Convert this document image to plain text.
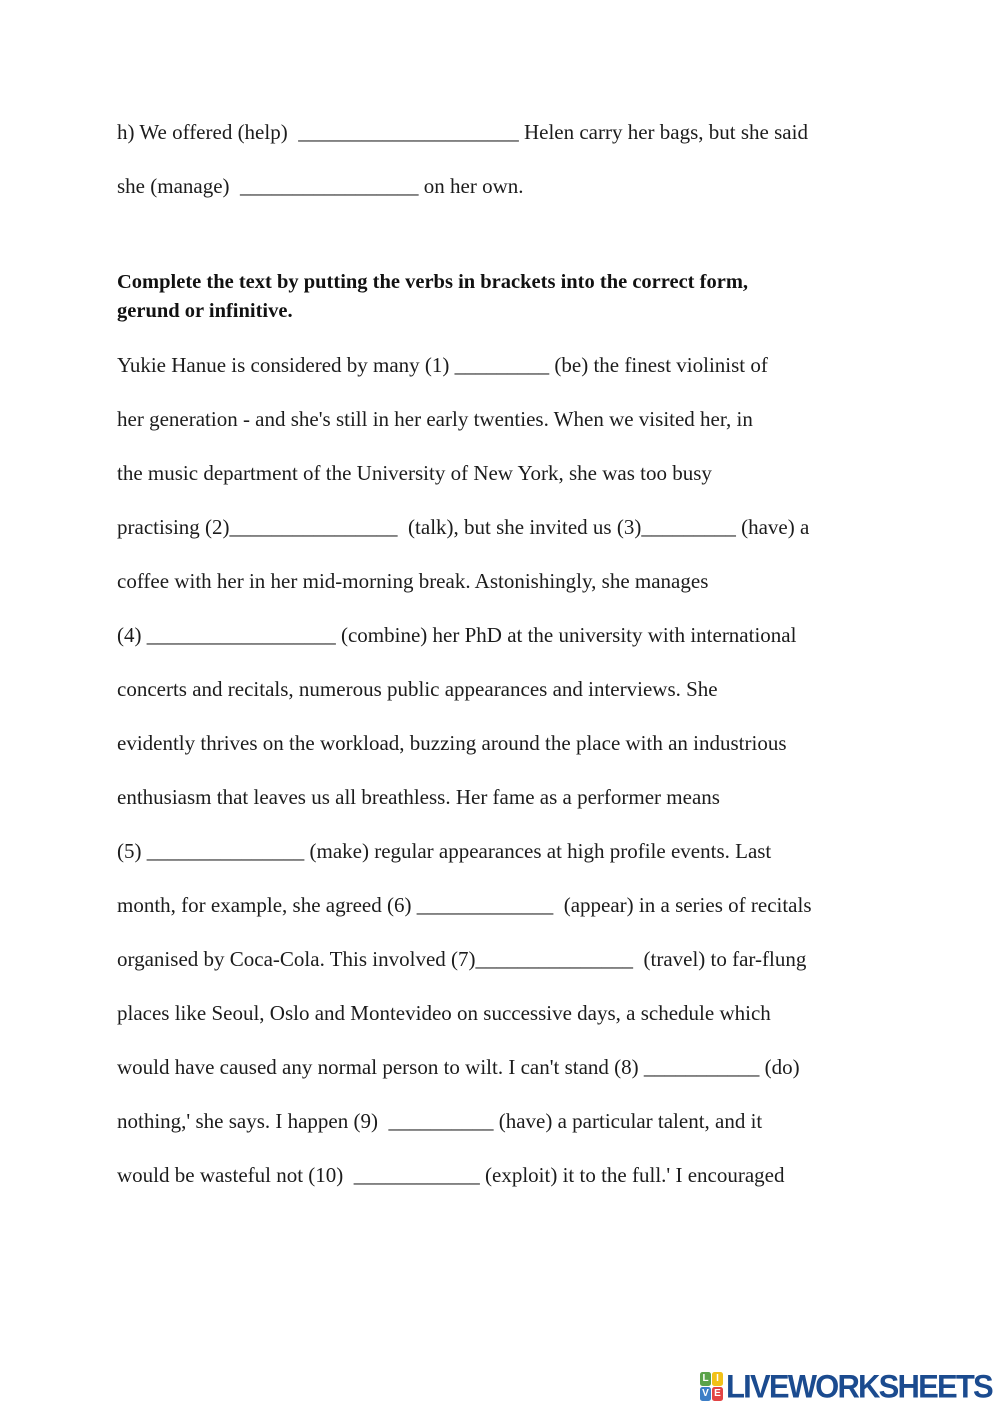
h) We offered (help)  _____________________ Helen carry her bags, but she said
she (manage)  _________________ on her own.
Complete the text by putting the verbs in brackets into the correct form,
gerund or infinitive.
Yukie Hanue is considered by many (1) _________ (be) the finest violinist of
her generation - and she's still in her early twenties. When we visited her, in
the music department of the University of New York, she was too busy
practising (2)________________  (talk), but she invited us (3)_________ (have) a
coffee with her in her mid-morning break. Astonishingly, she manages
(4) __________________ (combine) her PhD at the university with international
concerts and recitals, numerous public appearances and interviews. She
evidently thrives on the workload, buzzing around the place with an industrious
enthusiasm that leaves us all breathless. Her fame as a performer means
(5) _______________ (make) regular appearances at high profile events. Last
month, for example, she agreed (6) _____________  (appear) in a series of recitals
organised by Coca-Cola. This involved (7)_______________  (travel) to far-flung
places like Seoul, Oslo and Montevideo on successive days, a schedule which
would have caused any normal person to wilt. I can't stand (8) ___________ (do)
nothing,' she says. I happen (9)  __________ (have) a particular talent, and it
would be wasteful not (10)  ____________ (exploit) it to the full.' I encouraged
L I
V E LIVEWORKSHEETS
